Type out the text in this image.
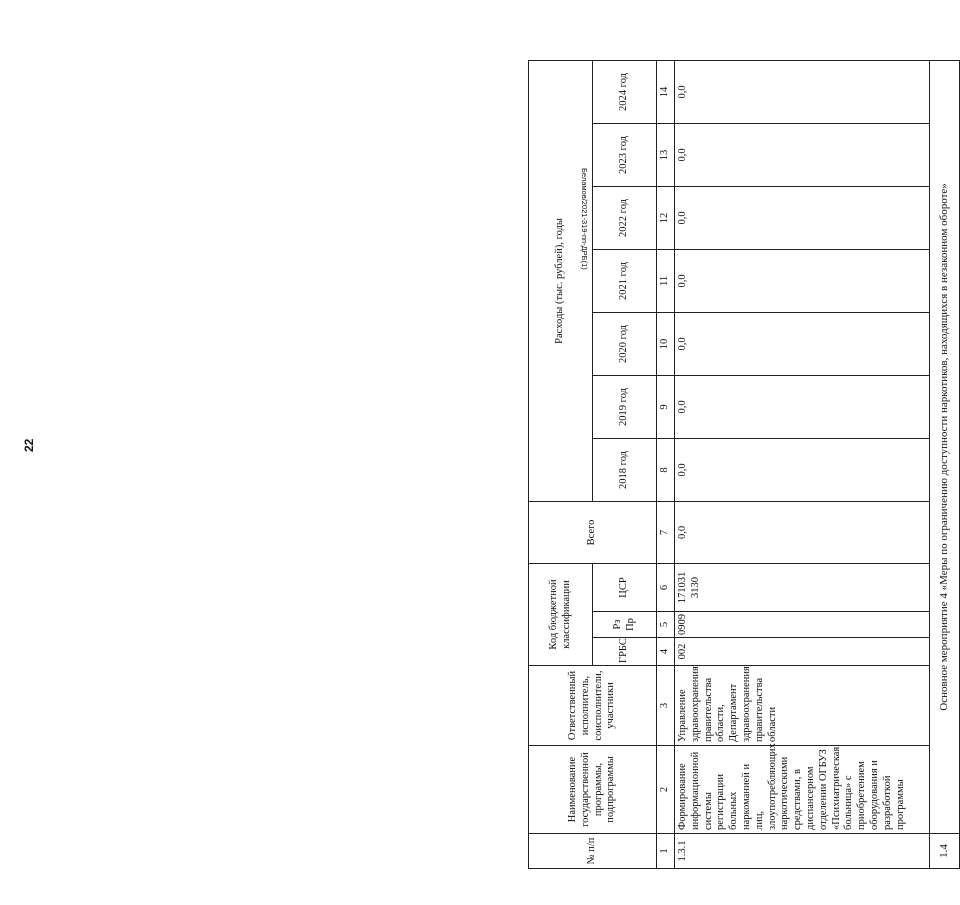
22
Беламов/2021-319-пп-ДРБ(1)
№ п/п	Наименование государственной программы, подпрограммы	Ответственный исполнитель, соисполнители, участники	Код бюджетной классификации			Всего	Расходы (тыс. рублей), годы						
			ГРБС	Рз Пр	ЦСР		2018 год	2019 год	2020 год	2021 год	2022 год	2023 год	2024 год
1	2	3	4	5	6	7	8	9	10	11	12	13	14
1.3.1	Формирование информационной системы регистрации больных наркоманией и лиц, злоупотребляющих наркотическими средствами, в диспансерном отделении ОГБУЗ «Психиатрическая больница» с приобретением оборудования и разработкой программы	Управление здравоохранения правительства области, Департамент здравоохранения правительства области	002	0909	171031 3130	0,0	0,0	0,0	0,0	0,0	0,0	0,0	0,0
1.4	Основное мероприятие 4 «Меры по ограничению доступности наркотиков, находящихся в незаконном обороте»												
